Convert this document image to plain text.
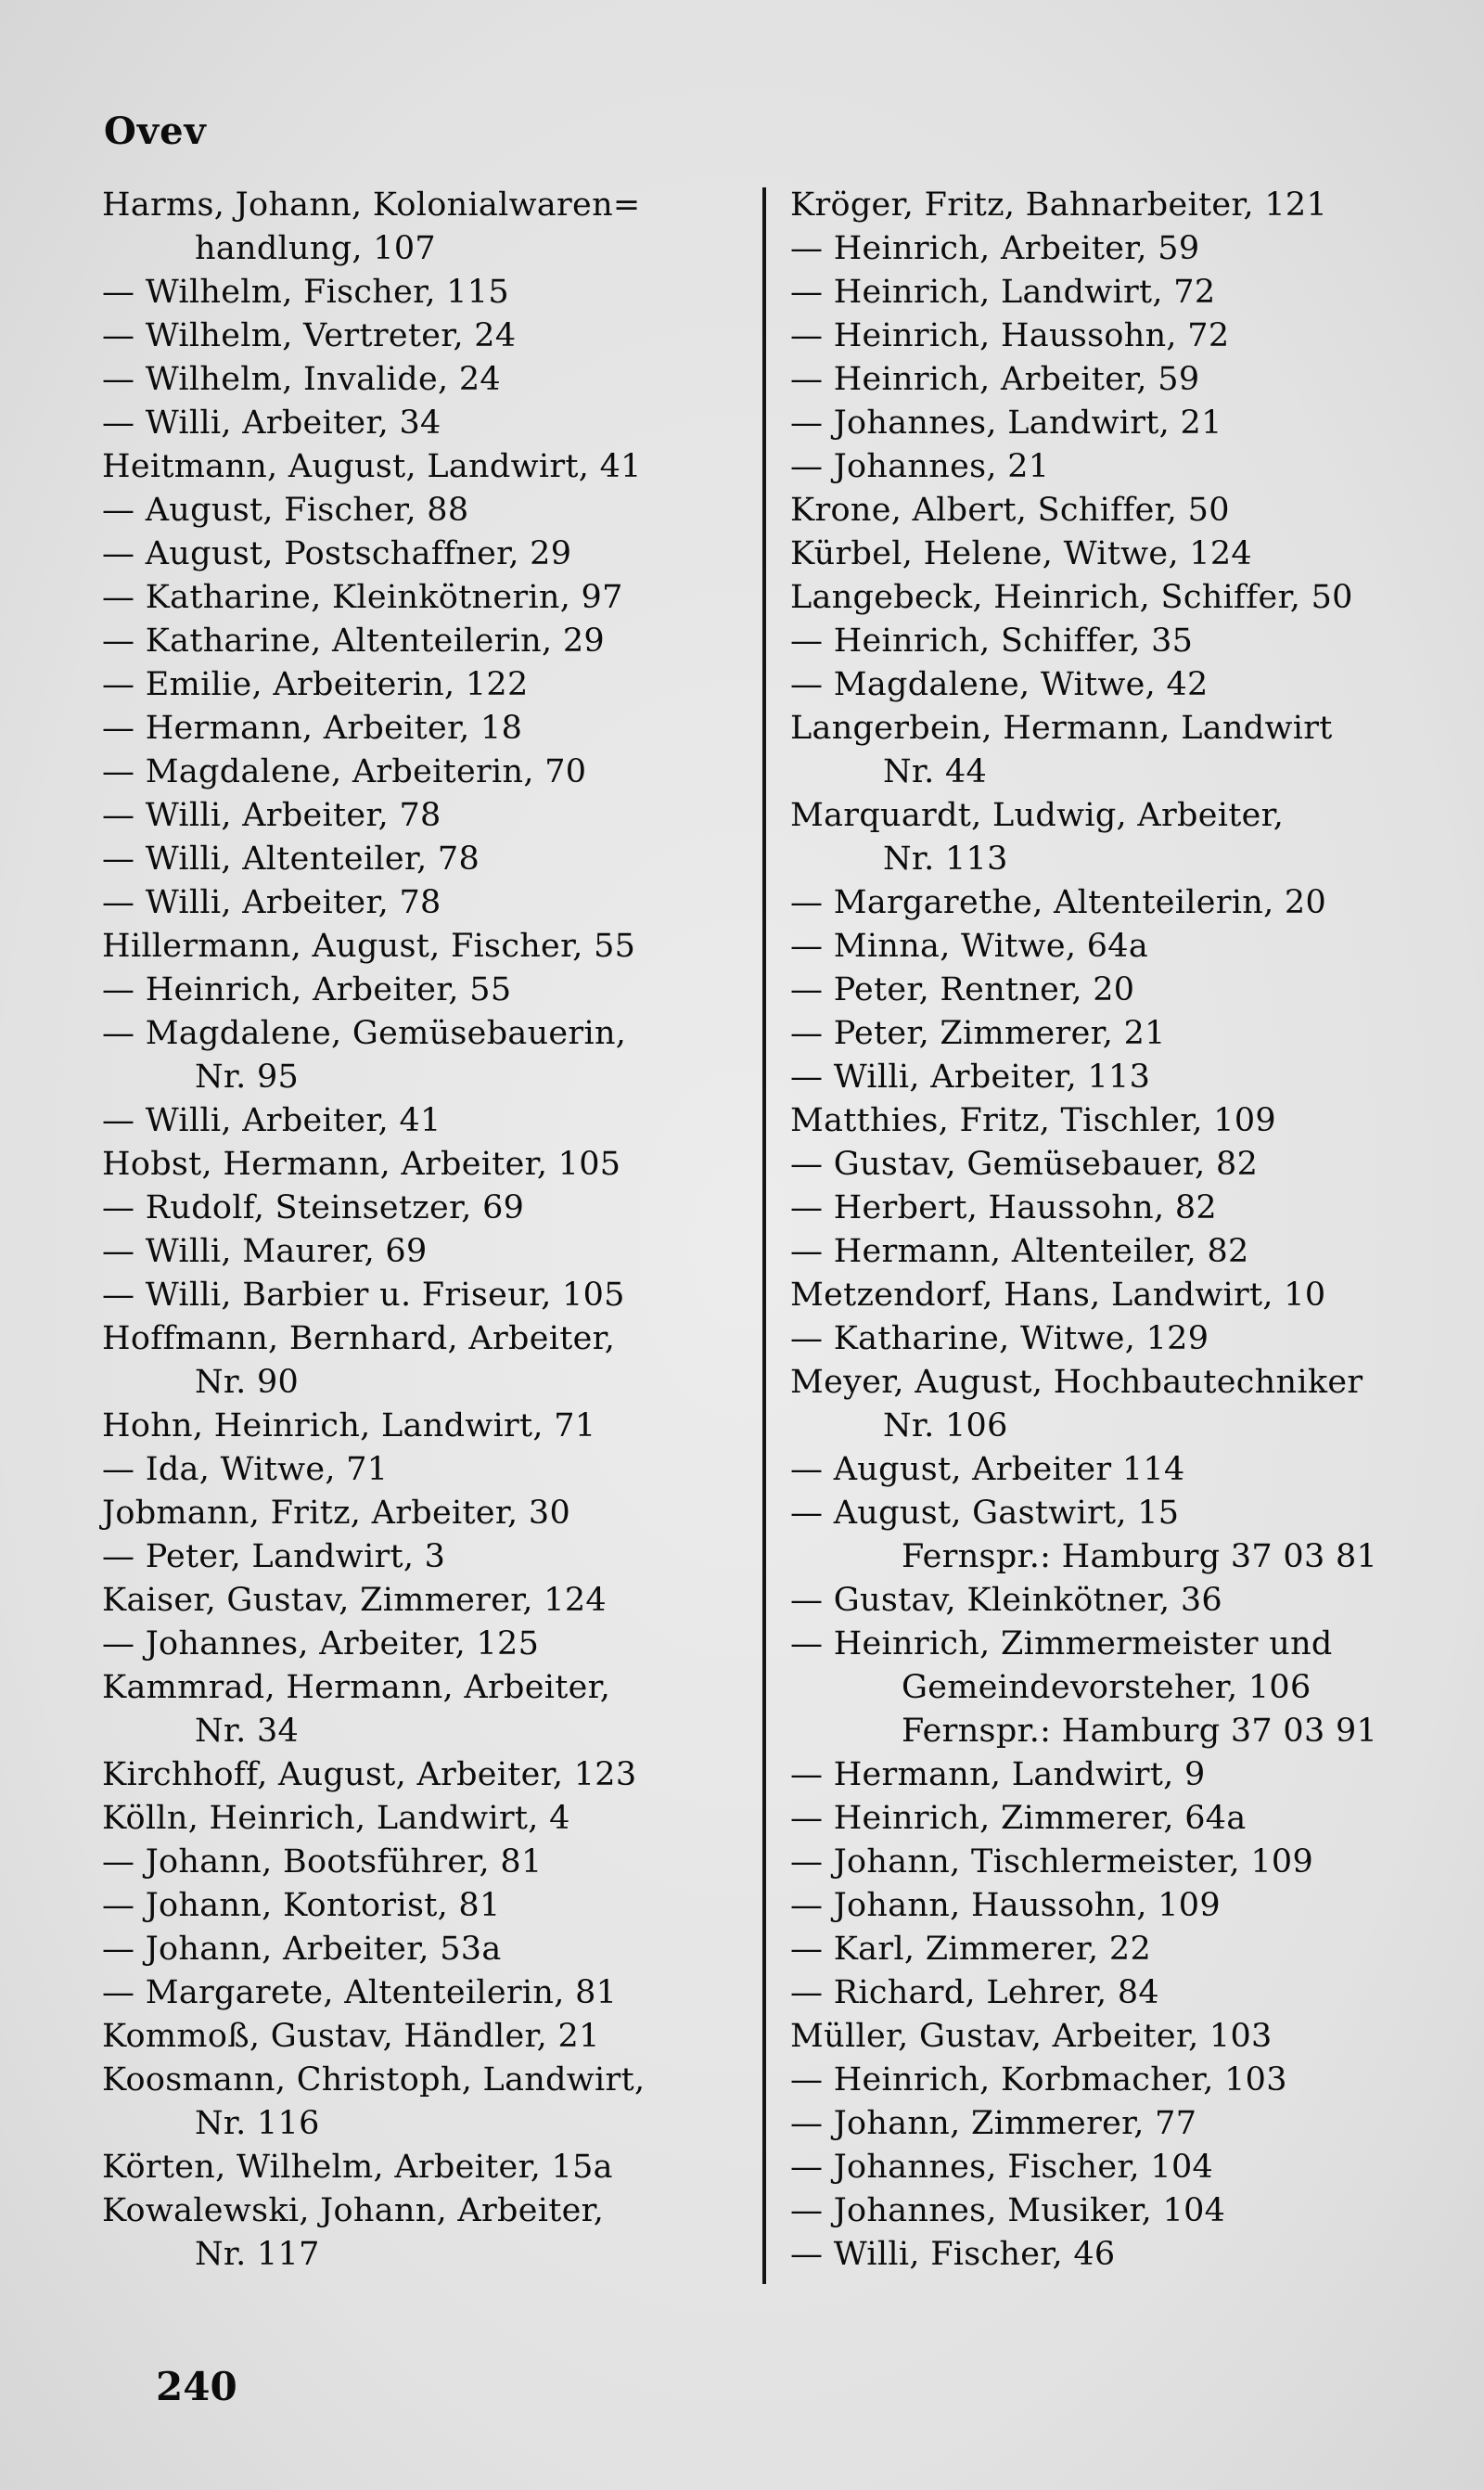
Ovev
Harms, Johann, Kolonialwaren=
handlung, 107
— Wilhelm, Fischer, 115
— Wilhelm, Vertreter, 24
— Wilhelm, Invalide, 24
— Willi, Arbeiter, 34
Heitmann, August, Landwirt, 41
— August, Fischer, 88
— August, Postschaffner, 29
— Katharine, Kleinkötnerin, 97
— Katharine, Altenteilerin, 29
— Emilie, Arbeiterin, 122
— Hermann, Arbeiter, 18
— Magdalene, Arbeiterin, 70
— Willi, Arbeiter, 78
— Willi, Altenteiler, 78
— Willi, Arbeiter, 78
Hillermann, August, Fischer, 55
— Heinrich, Arbeiter, 55
— Magdalene, Gemüsebauerin,
Nr. 95
— Willi, Arbeiter, 41
Hobst, Hermann, Arbeiter, 105
— Rudolf, Steinsetzer, 69
— Willi, Maurer, 69
— Willi, Barbier u. Friseur, 105
Hoffmann, Bernhard, Arbeiter,
Nr. 90
Hohn, Heinrich, Landwirt, 71
— Ida, Witwe, 71
Jobmann, Fritz, Arbeiter, 30
— Peter, Landwirt, 3
Kaiser, Gustav, Zimmerer, 124
— Johannes, Arbeiter, 125
Kammrad, Hermann, Arbeiter,
Nr. 34
Kirchhoff, August, Arbeiter, 123
Kölln, Heinrich, Landwirt, 4
— Johann, Bootsführer, 81
— Johann, Kontorist, 81
— Johann, Arbeiter, 53a
— Margarete, Altenteilerin, 81
Kommoß, Gustav, Händler, 21
Koosmann, Christoph, Landwirt,
Nr. 116
Körten, Wilhelm, Arbeiter, 15a
Kowalewski, Johann, Arbeiter,
Nr. 117
Kröger, Fritz, Bahnarbeiter, 121
— Heinrich, Arbeiter, 59
— Heinrich, Landwirt, 72
— Heinrich, Haussohn, 72
— Heinrich, Arbeiter, 59
— Johannes, Landwirt, 21
— Johannes, 21
Krone, Albert, Schiffer, 50
Kürbel, Helene, Witwe, 124
Langebeck, Heinrich, Schiffer, 50
— Heinrich, Schiffer, 35
— Magdalene, Witwe, 42
Langerbein, Hermann, Landwirt
Nr. 44
Marquardt, Ludwig, Arbeiter,
Nr. 113
— Margarethe, Altenteilerin, 20
— Minna, Witwe, 64a
— Peter, Rentner, 20
— Peter, Zimmerer, 21
— Willi, Arbeiter, 113
Matthies, Fritz, Tischler, 109
— Gustav, Gemüsebauer, 82
— Herbert, Haussohn, 82
— Hermann, Altenteiler, 82
Metzendorf, Hans, Landwirt, 10
— Katharine, Witwe, 129
Meyer, August, Hochbautechniker
Nr. 106
— August, Arbeiter 114
— August, Gastwirt, 15
Fernspr.: Hamburg 37 03 81
— Gustav, Kleinkötner, 36
— Heinrich, Zimmermeister und
Gemeindevorsteher, 106
Fernspr.: Hamburg 37 03 91
— Hermann, Landwirt, 9
— Heinrich, Zimmerer, 64a
— Johann, Tischlermeister, 109
— Johann, Haussohn, 109
— Karl, Zimmerer, 22
— Richard, Lehrer, 84
Müller, Gustav, Arbeiter, 103
— Heinrich, Korbmacher, 103
— Johann, Zimmerer, 77
— Johannes, Fischer, 104
— Johannes, Musiker, 104
— Willi, Fischer, 46
240
